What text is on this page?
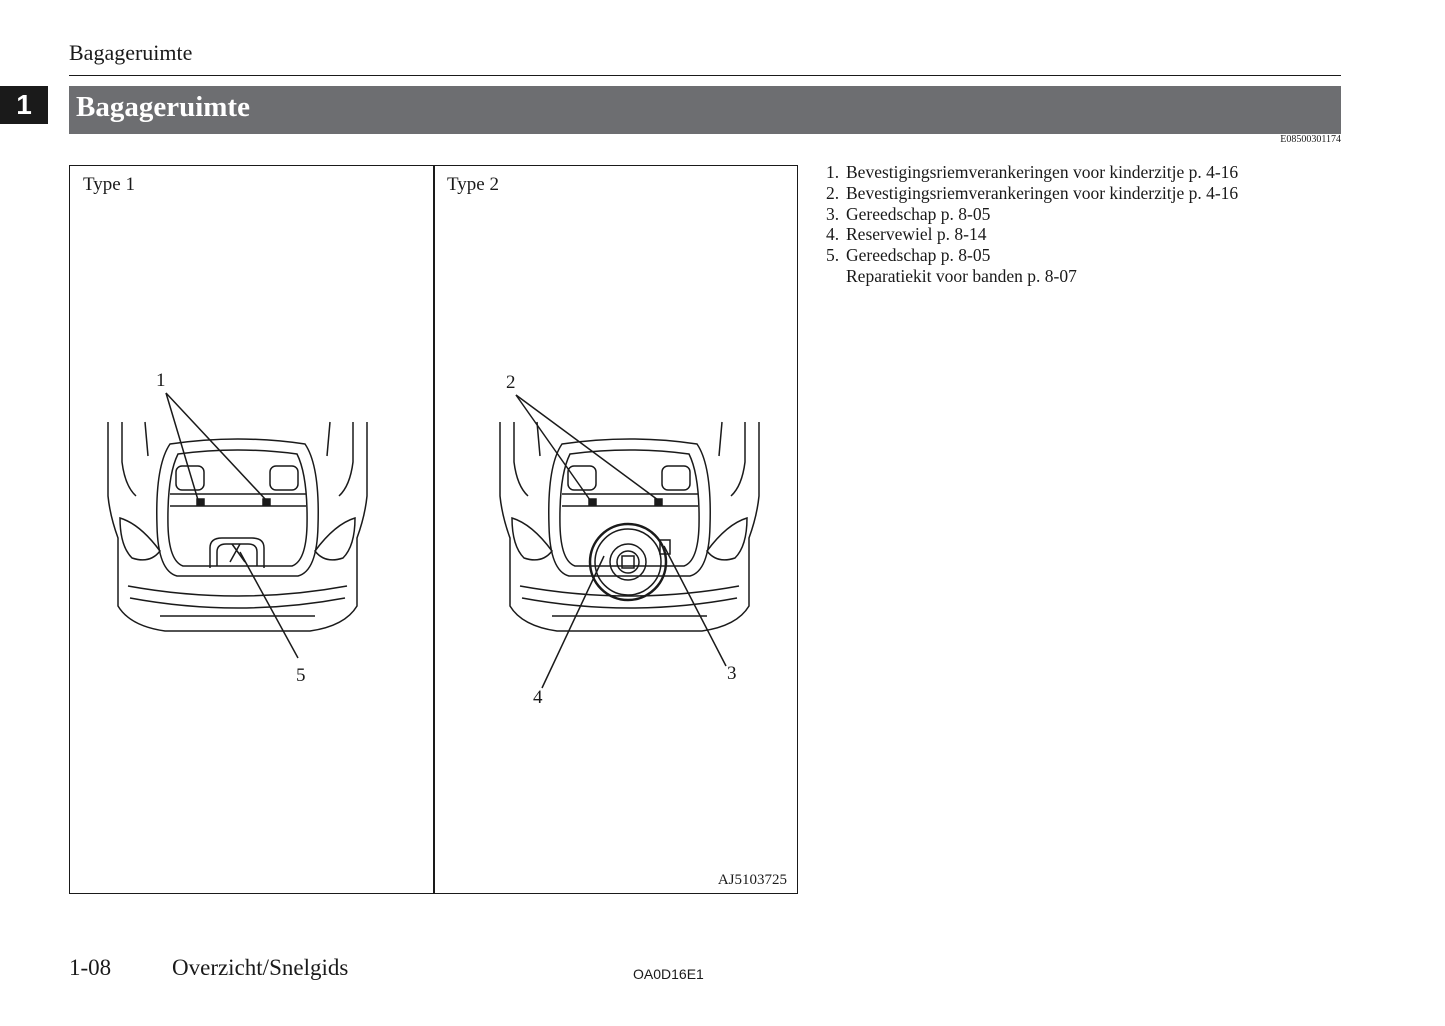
Bagageruimte
1	Bagageruimte
E08500301174
Type 1	Type 2
1	2
3
4
5
AJ5103725
1. Bevestigingsriemverankeringen voor kinderzitje p. 4-16
2. Bevestigingsriemverankeringen voor kinderzitje p. 4-16
3. Gereedschap p. 8-05
4. Reservewiel p. 8-14
5. Gereedschap p. 8-05
Reparatiekit voor banden p. 8-07
1-08	Overzicht/Snelgids	OA0D16E1
